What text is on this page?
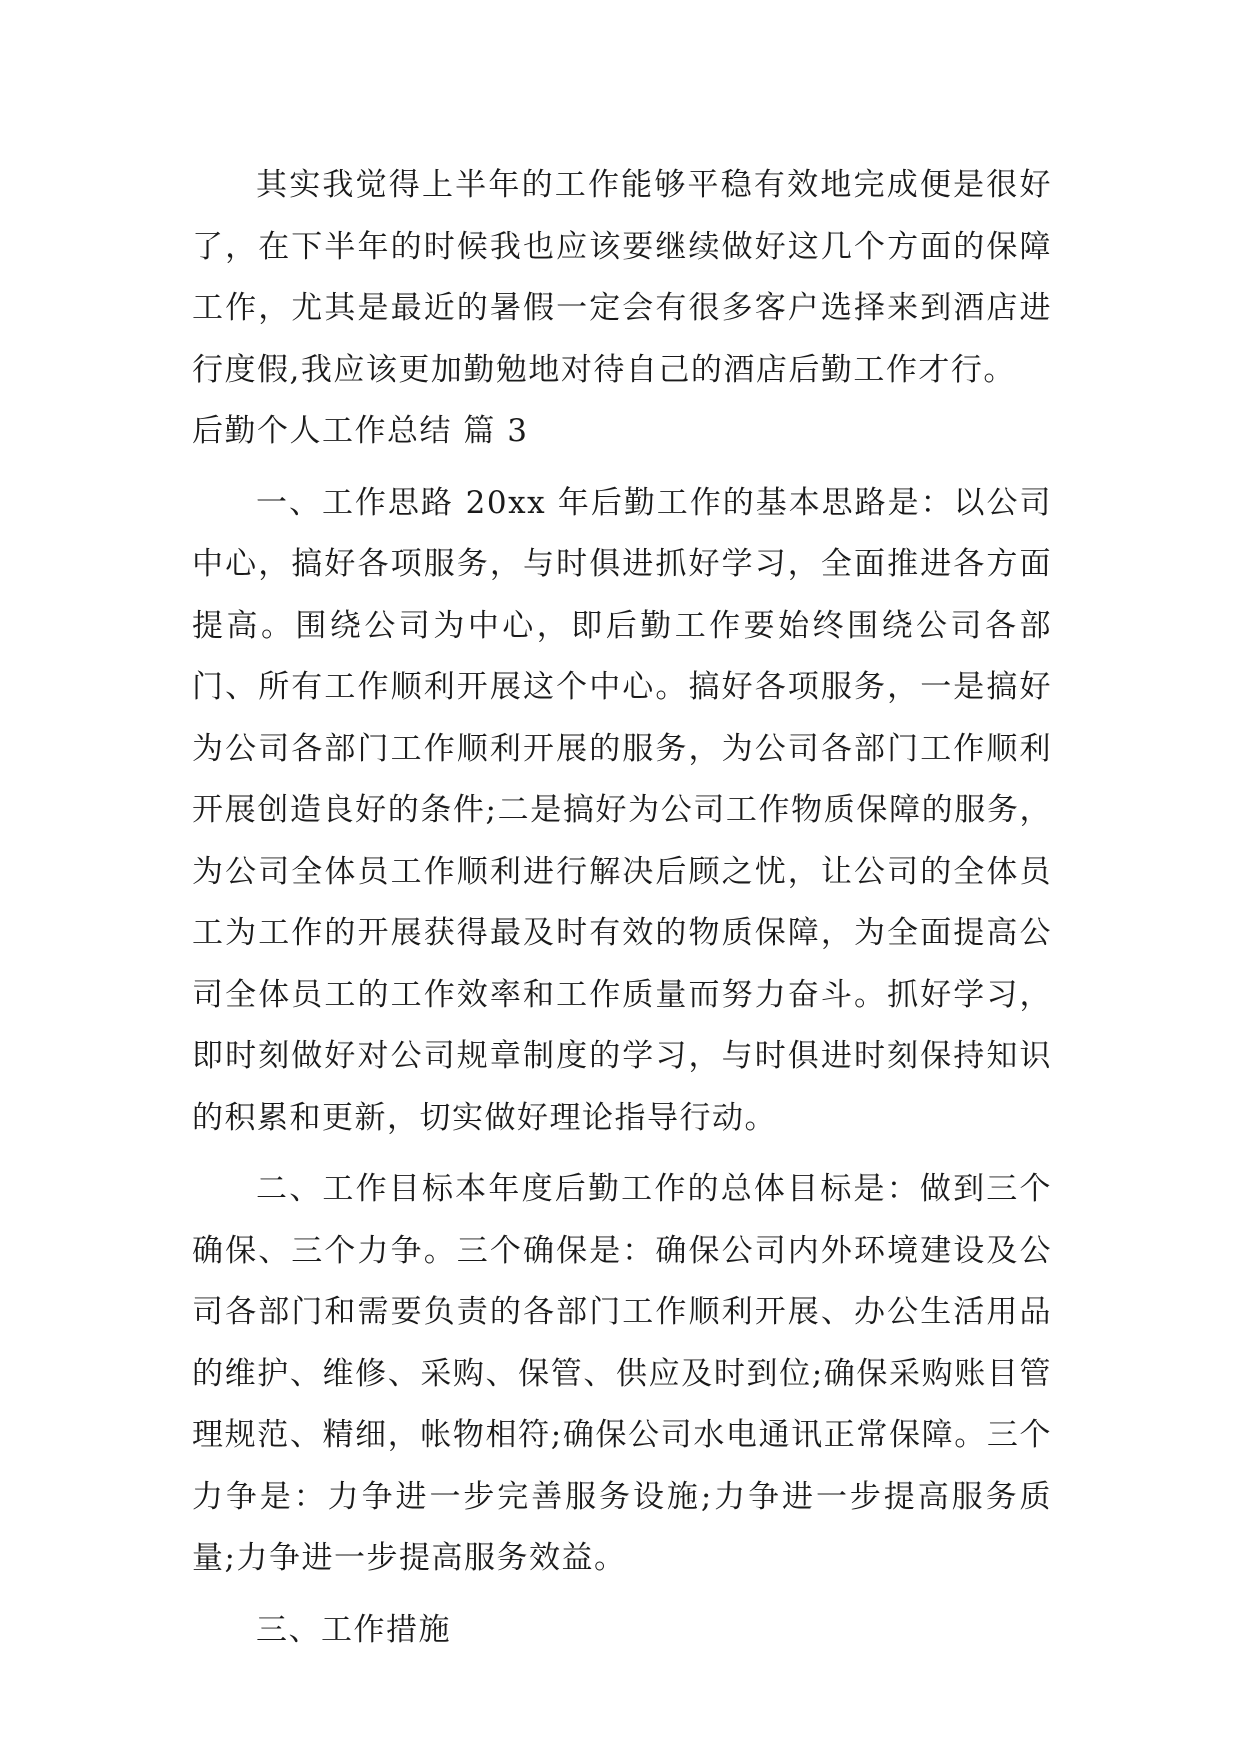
其实我觉得上半年的工作能够平稳有效地完成便是很好了，在下半年的时候我也应该要继续做好这几个方面的保障工作，尤其是最近的暑假一定会有很多客户选择来到酒店进行度假,我应该更加勤勉地对待自己的酒店后勤工作才行。

后勤个人工作总结 篇 3

一、工作思路 20xx 年后勤工作的基本思路是：以公司中心，搞好各项服务，与时俱进抓好学习，全面推进各方面提高。围绕公司为中心，即后勤工作要始终围绕公司各部门、所有工作顺利开展这个中心。搞好各项服务，一是搞好为公司各部门工作顺利开展的服务，为公司各部门工作顺利开展创造良好的条件;二是搞好为公司工作物质保障的服务，为公司全体员工作顺利进行解决后顾之忧，让公司的全体员工为工作的开展获得最及时有效的物质保障，为全面提高公司全体员工的工作效率和工作质量而努力奋斗。抓好学习，即时刻做好对公司规章制度的学习，与时俱进时刻保持知识的积累和更新，切实做好理论指导行动。

二、工作目标本年度后勤工作的总体目标是：做到三个确保、三个力争。三个确保是：确保公司内外环境建设及公司各部门和需要负责的各部门工作顺利开展、办公生活用品的维护、维修、采购、保管、供应及时到位;确保采购账目管理规范、精细，帐物相符;确保公司水电通讯正常保障。三个力争是：力争进一步完善服务设施;力争进一步提高服务质量;力争进一步提高服务效益。

三、工作措施
